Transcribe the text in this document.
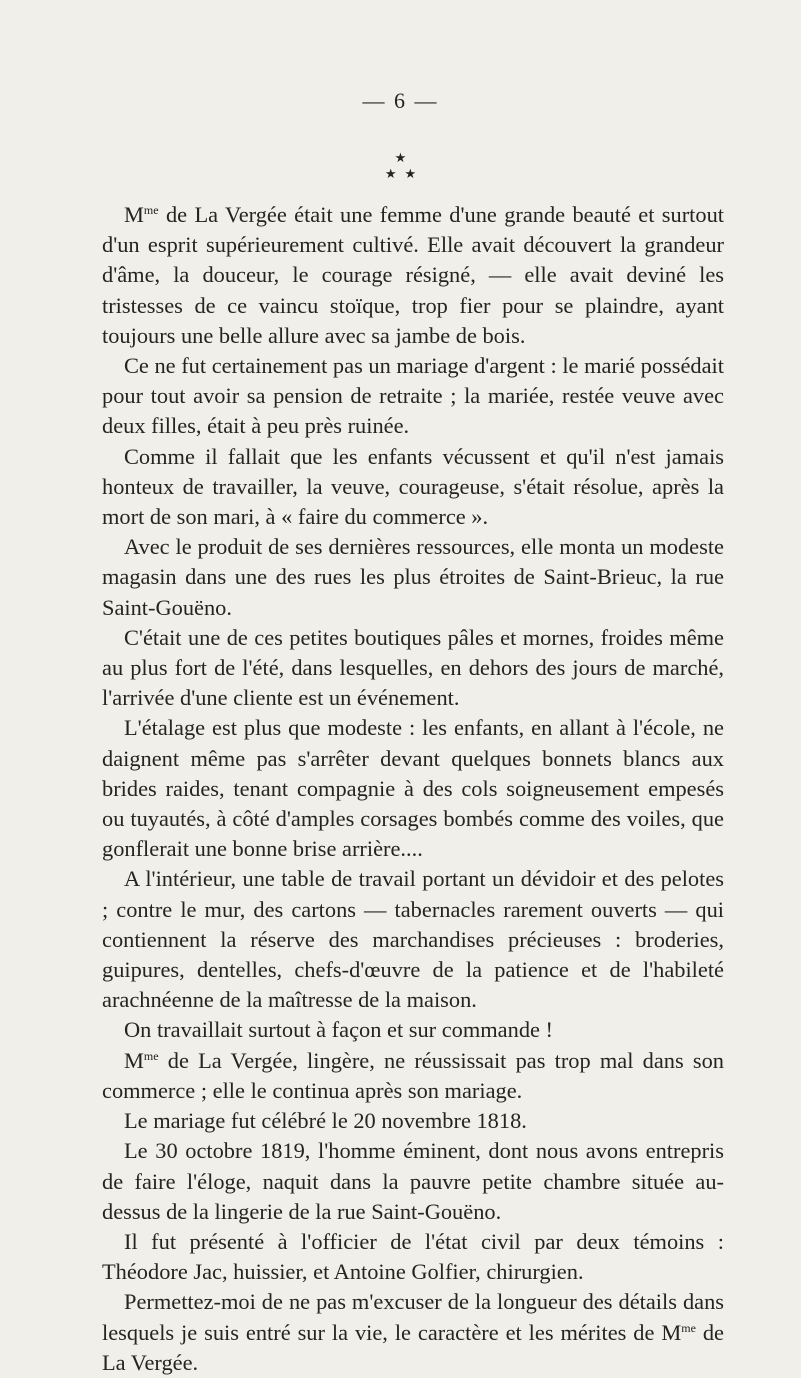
— 6 —
★
★★

$M^{me}$ de La Vergée était une femme d'une grande beauté et surtout d'un esprit supérieurement cultivé. Elle avait découvert la grandeur d'âme, la douceur, le courage résigné, — elle avait deviné les tristesses de ce vaincu stoïque, trop fier pour se plaindre, ayant toujours une belle allure avec sa jambe de bois.

Ce ne fut certainement pas un mariage d'argent : le marié possédait pour tout avoir sa pension de retraite ; la mariée, restée veuve avec deux filles, était à peu près ruinée.

Comme il fallait que les enfants vécussent et qu'il n'est jamais honteux de travailler, la veuve, courageuse, s'était résolue, après la mort de son mari, à « faire du commerce ».

Avec le produit de ses dernières ressources, elle monta un modeste magasin dans une des rues les plus étroites de Saint-Brieuc, la rue Saint-Gouëno.

C'était une de ces petites boutiques pâles et mornes, froides même au plus fort de l'été, dans lesquelles, en dehors des jours de marché, l'arrivée d'une cliente est un événement.

L'étalage est plus que modeste : les enfants, en allant à l'école, ne daignent même pas s'arrêter devant quelques bonnets blancs aux brides raides, tenant compagnie à des cols soigneusement empesés ou tuyautés, à côté d'amples corsages bombés comme des voiles, que gonflerait une bonne brise arrière....

A l'intérieur, une table de travail portant un dévidoir et des pelotes ; contre le mur, des cartons — tabernacles rarement ouverts — qui contiennent la réserve des marchandises précieuses : broderies, guipures, dentelles, chefs-d'œuvre de la patience et de l'habileté arachnéenne de la maîtresse de la maison.

On travaillait surtout à façon et sur commande !

$M^{me}$ de La Vergée, lingère, ne réussissait pas trop mal dans son commerce ; elle le continua après son mariage.

Le mariage fut célébré le 20 novembre 1818.

Le 30 octobre 1819, l'homme éminent, dont nous avons entrepris de faire l'éloge, naquit dans la pauvre petite chambre située au-dessus de la lingerie de la rue Saint-Gouëno.

Il fut présenté à l'officier de l'état civil par deux témoins : Théodore Jac, huissier, et Antoine Golfier, chirurgien.

Permettez-moi de ne pas m'excuser de la longueur des détails dans lesquels je suis entré sur la vie, le caractère et les mérites de $M^{me}$ de La Vergée.
